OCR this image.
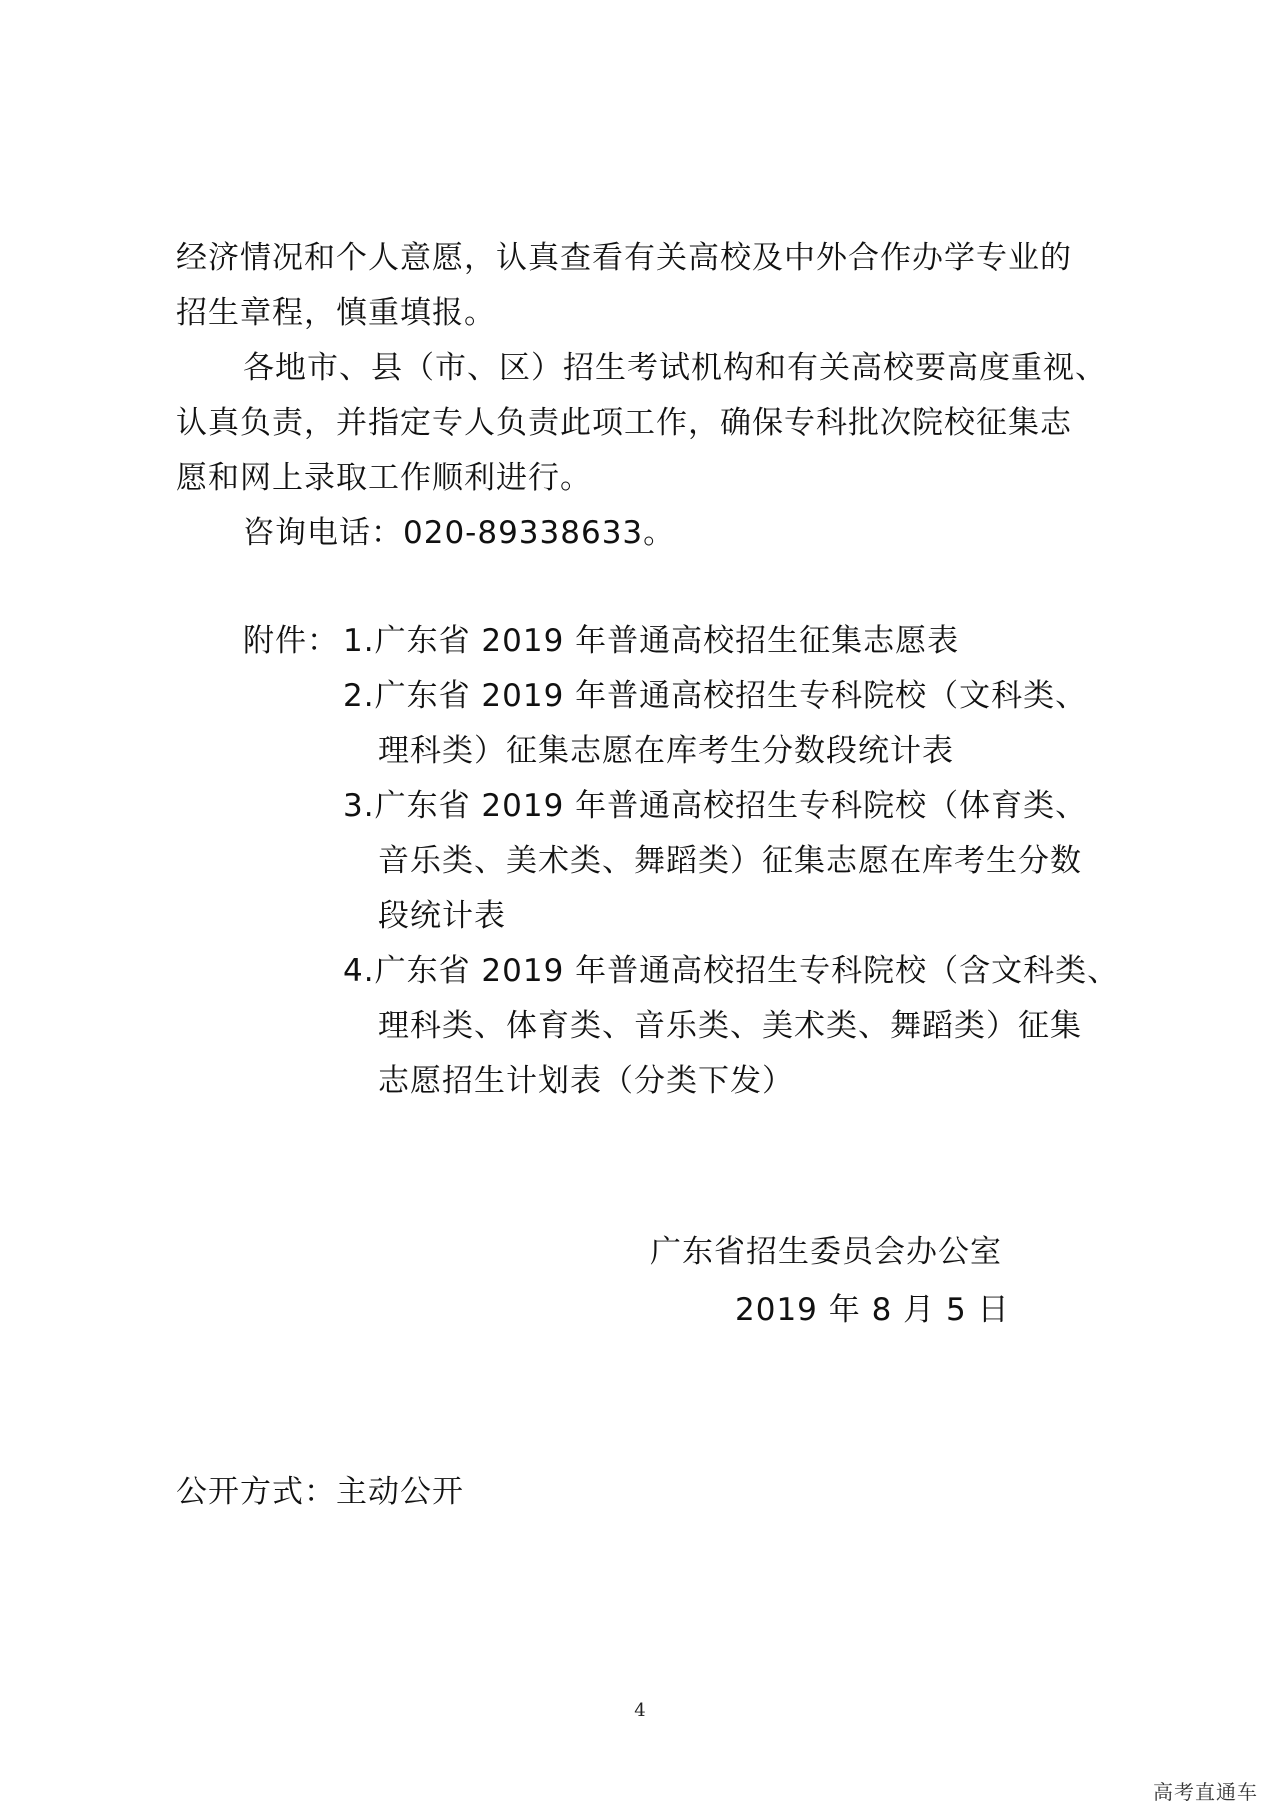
经济情况和个人意愿，认真查看有关高校及中外合作办学专业的
招生章程，慎重填报。
各地市、县（市、区）招生考试机构和有关高校要高度重视、
认真负责，并指定专人负责此项工作，确保专科批次院校征集志
愿和网上录取工作顺利进行。
咨询电话：020-89338633。
附件： 1.广东省 2019 年普通高校招生征集志愿表
2.广东省 2019 年普通高校招生专科院校（文科类、
理科类）征集志愿在库考生分数段统计表
3.广东省 2019 年普通高校招生专科院校（体育类、
音乐类、美术类、舞蹈类）征集志愿在库考生分数
段统计表
4.广东省 2019 年普通高校招生专科院校（含文科类、
理科类、体育类、音乐类、美术类、舞蹈类）征集
志愿招生计划表（分类下发）
广东省招生委员会办公室
2019 年 8 月 5 日
公开方式：主动公开
4
高考直通车
